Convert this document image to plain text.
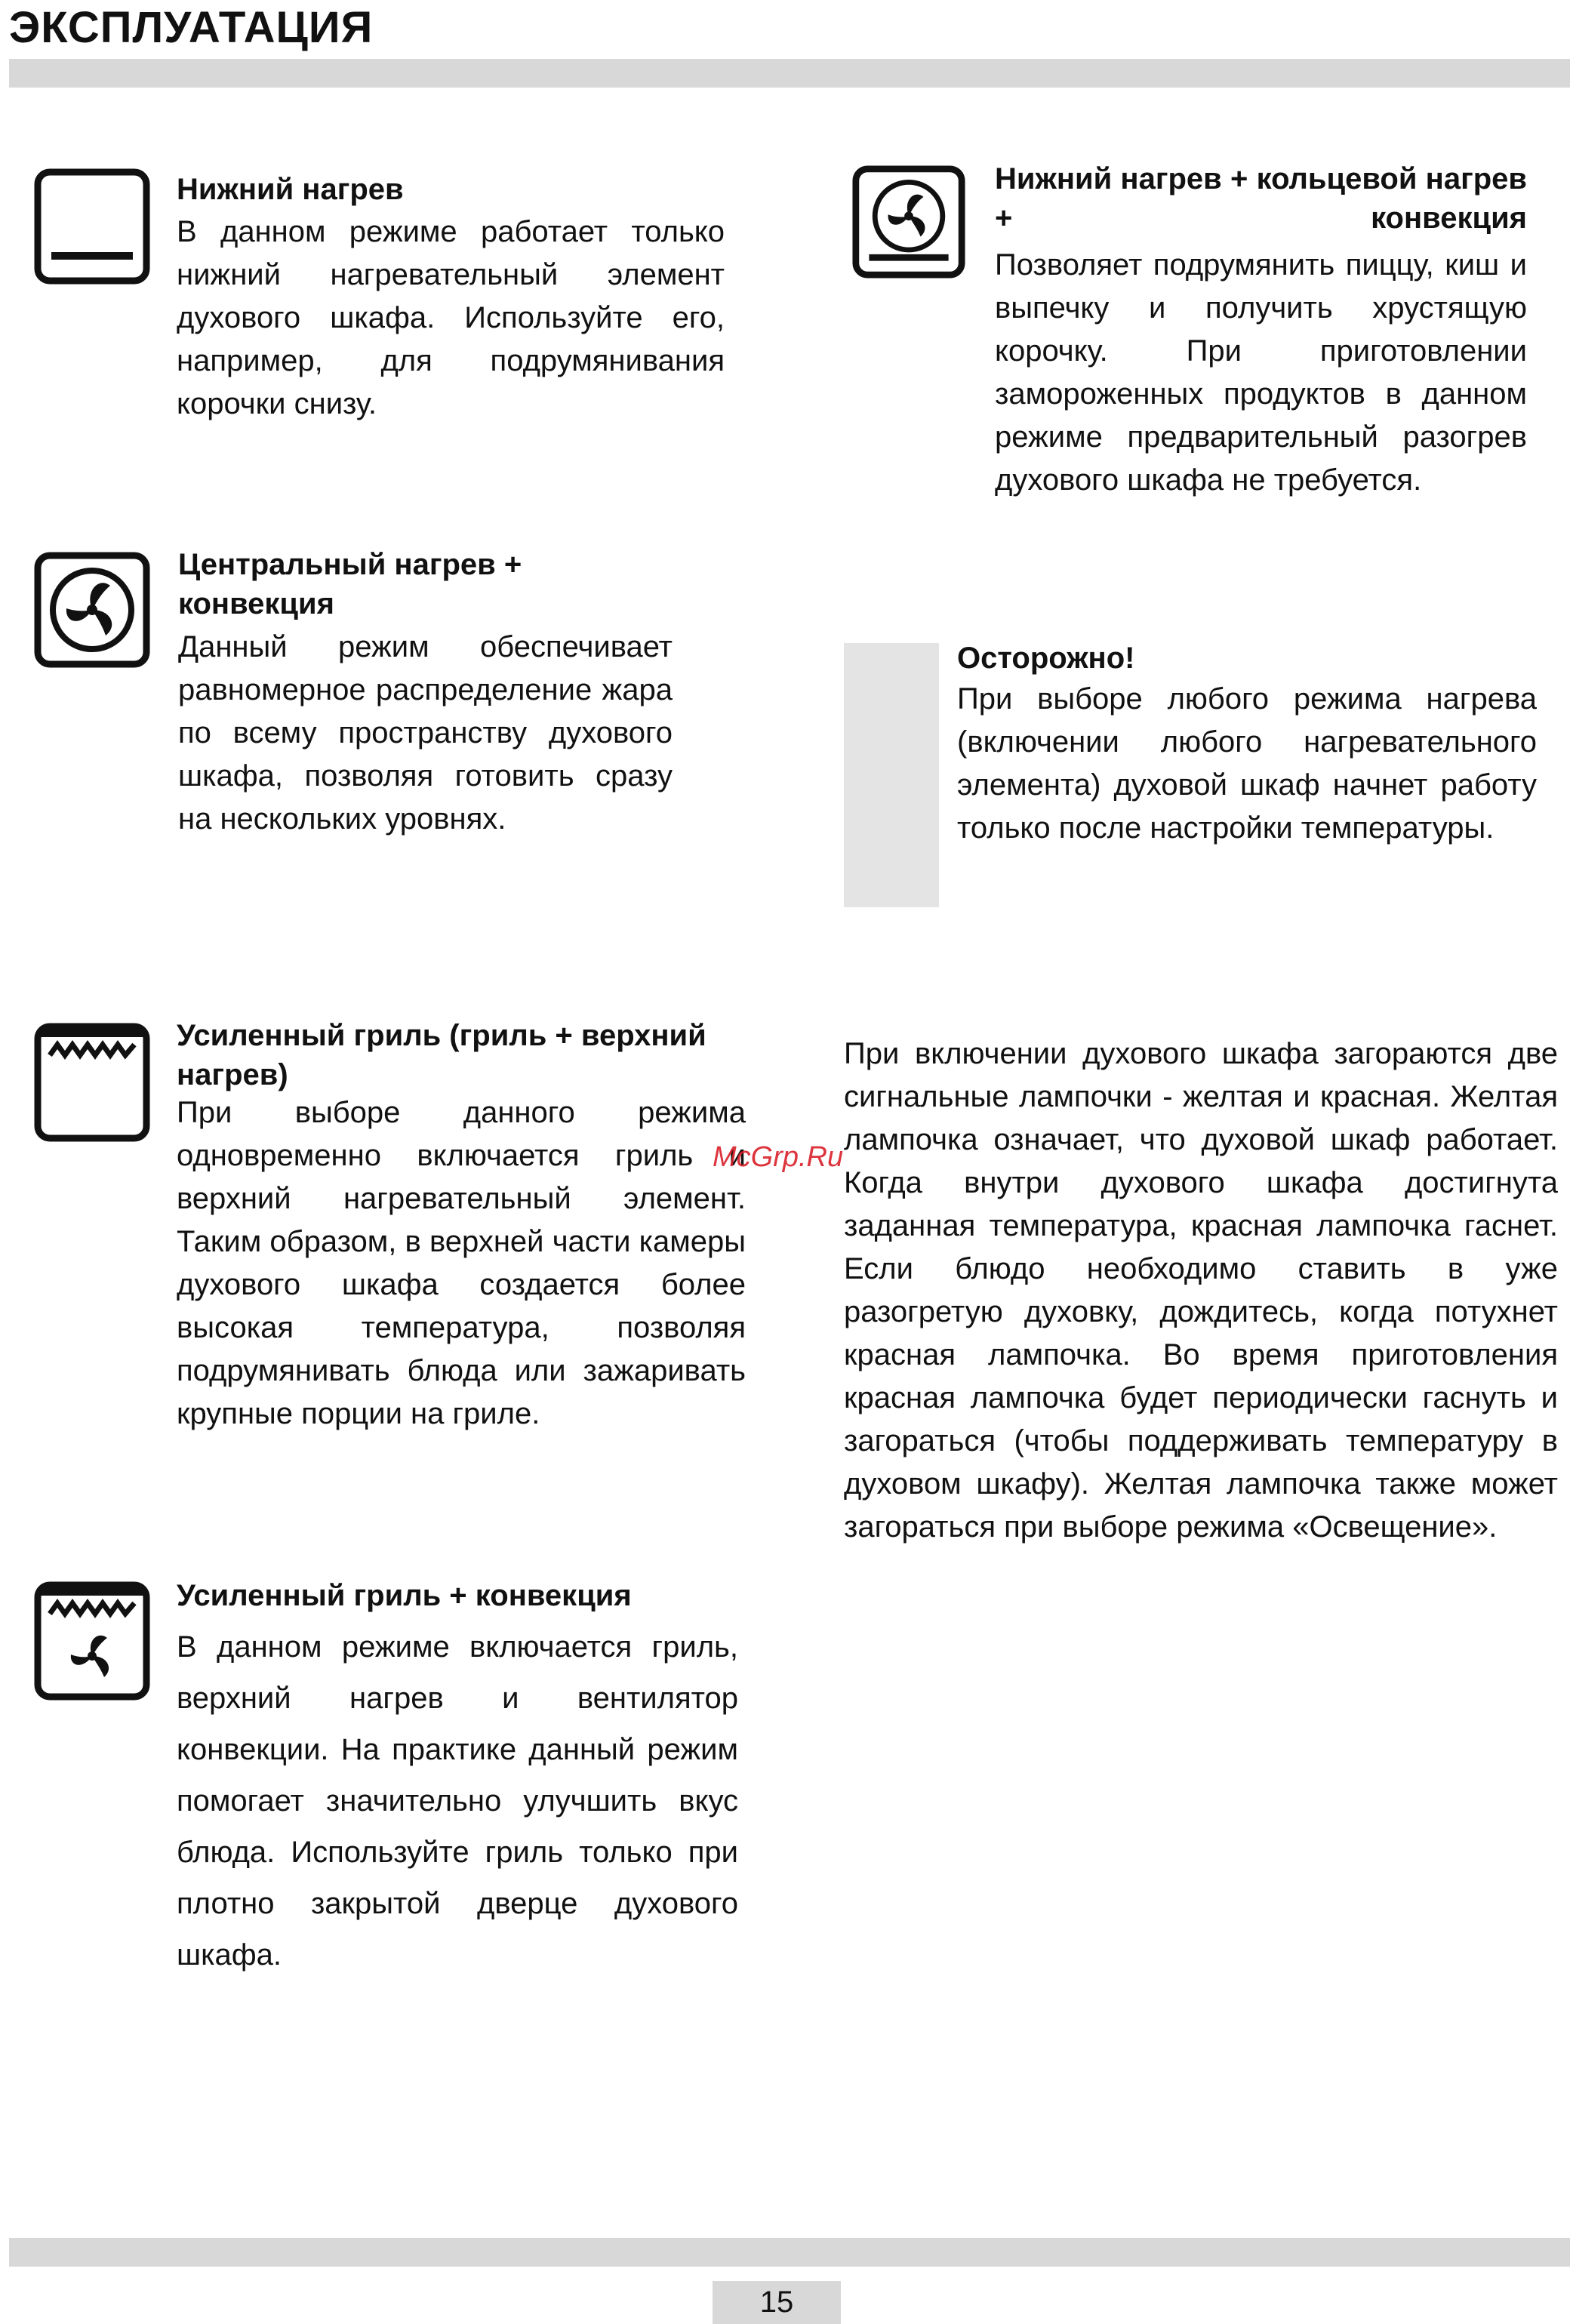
ЭКСПЛУАТАЦИЯ
Нижний нагрев
В данном режиме работает только нижний нагревательный элемент духового шкафа. Используйте его, например, для подрумянивания корочки снизу.
Нижний нагрев + кольцевой нагрев + конвекция
Позволяет подрумянить пиццу, киш и выпечку и получить хрустящую корочку. При приготовлении замороженных продуктов в данном режиме предварительный разогрев духового шкафа не требуется.
Центральный нагрев + конвекция
Данный режим обеспечивает равномерное распределение жара по всему пространству духового шкафа, позволяя готовить сразу на нескольких уровнях.
Осторожно!
При выборе любого режима нагрева (включении любого нагревательного элемента) духовой шкаф начнет работу только после настройки температуры.
Усиленный гриль (гриль + верхний нагрев)
При выборе данного режима одновременно включается гриль и верхний нагревательный элемент. Таким образом, в верхней части камеры духового шкафа создается более высокая температура, позволяя подрумянивать блюда или зажаривать крупные порции на гриле.
При включении духового шкафа загораются две сигнальные лампочки - желтая и красная. Желтая лампочка означает, что духовой шкаф работает. Когда внутри духового шкафа достигнута заданная температура, красная лампочка гаснет. Если блюдо необходимо ставить в уже разогретую духовку, дождитесь, когда потухнет красная лампочка. Во время приготовления красная лампочка будет периодически гаснуть и загораться (чтобы поддерживать температуру в духовом шкафу). Желтая лампочка также может загораться при выборе режима «Освещение».
McGrp.Ru
Усиленный гриль + конвекция
В данном режиме включается гриль, верхний нагрев и вентилятор конвекции. На практике данный режим помогает значительно улучшить вкус блюда. Используйте гриль только при плотно закрытой дверце духового шкафа.
15
